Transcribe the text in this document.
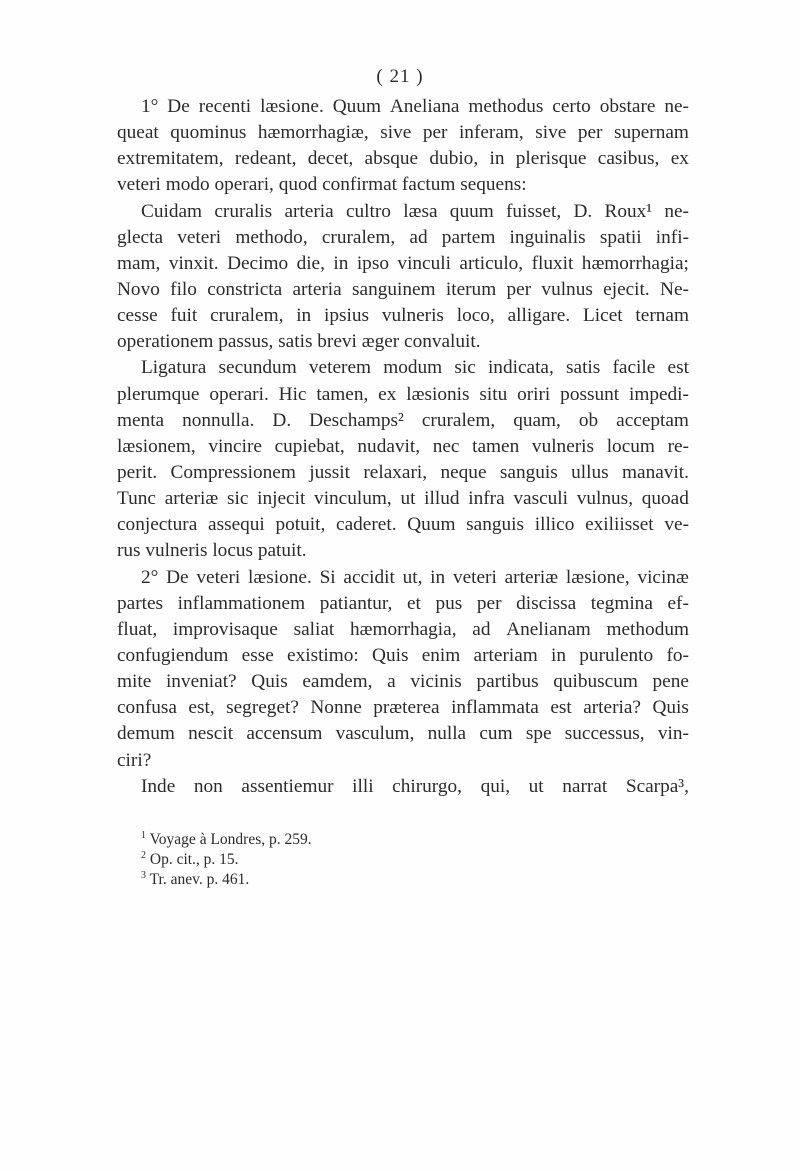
( 21 )
1° De recenti læsione. Quum Aneliana methodus certo obstare ne-
queat quominus hæmorrhagiæ, sive per inferam, sive per supernam
extremitatem, redeant, decet, absque dubio, in plerisque casibus, ex
veteri modo operari, quod confirmat factum sequens:
Cuidam cruralis arteria cultro læsa quum fuisset, D. Roux¹ ne-
glecta veteri methodo, cruralem, ad partem inguinalis spatii infi-
mam, vinxit. Decimo die, in ipso vinculi articulo, fluxit hæmorrhagia;
Novo filo constricta arteria sanguinem iterum per vulnus ejecit. Ne-
cesse fuit cruralem, in ipsius vulneris loco, alligare. Licet ternam
operationem passus, satis brevi æger convaluit.
Ligatura secundum veterem modum sic indicata, satis facile est
plerumque operari. Hic tamen, ex læsionis situ oriri possunt impedi-
menta nonnulla. D. Deschamps² cruralem, quam, ob acceptam
læsionem, vincire cupiebat, nudavit, nec tamen vulneris locum re-
perit. Compressionem jussit relaxari, neque sanguis ullus manavit.
Tunc arteriæ sic injecit vinculum, ut illud infra vasculi vulnus, quoad
conjectura assequi potuit, caderet. Quum sanguis illico exiliisset ve-
rus vulneris locus patuit.
2° De veteri læsione. Si accidit ut, in veteri arteriæ læsione, vicinæ
partes inflammationem patiantur, et pus per discissa tegmina ef-
fluat, improvisaque saliat hæmorrhagia, ad Anelianam methodum
confugiendum esse existimo: Quis enim arteriam in purulento fo-
mite inveniat? Quis eamdem, a vicinis partibus quibuscum pene
confusa est, segreget? Nonne præterea inflammata est arteria? Quis
demum nescit accensum vasculum, nulla cum spe successus, vin-
ciri?
Inde non assentiemur illi chirurgo, qui, ut narrat Scarpa³,
$^1$ Voyage à Londres, p. 259.
$^2$ Op. cit., p. 15.
$^3$ Tr. anev. p. 461.
